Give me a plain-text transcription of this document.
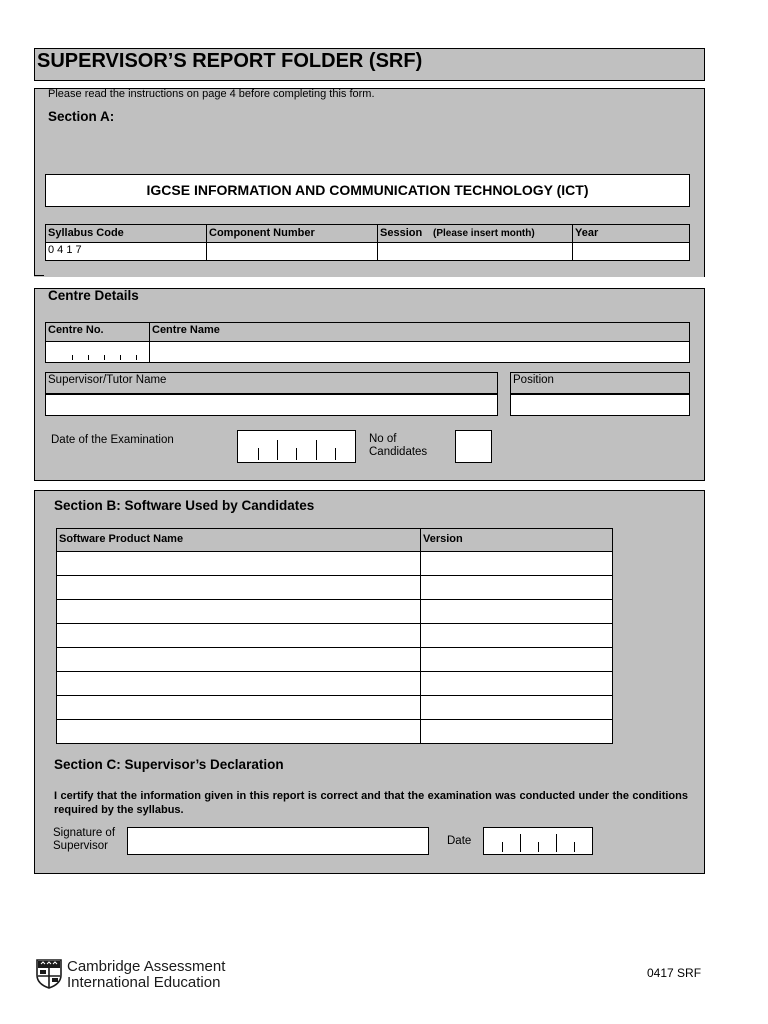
SUPERVISOR’S REPORT FOLDER (SRF)
Please read the instructions on page 4 before completing this form.
Section A:
IGCSE INFORMATION AND COMMUNICATION TECHNOLOGY (ICT)
Syllabus Code	Component Number	Session (Please insert month)	Year
0 4 1 7
Centre Details
Centre No.	Centre Name
Supervisor/Tutor Name	Position
Date of the Examination	No of
Candidates
Section B: Software Used by Candidates
Software Product Name	Version
Section C: Supervisor’s Declaration
I certify that the information given in this report is correct and that the examination was conducted under the conditions required by the syllabus.
Signature of
Supervisor	Date
Cambridge Assessment
International Education
0417 SRF
